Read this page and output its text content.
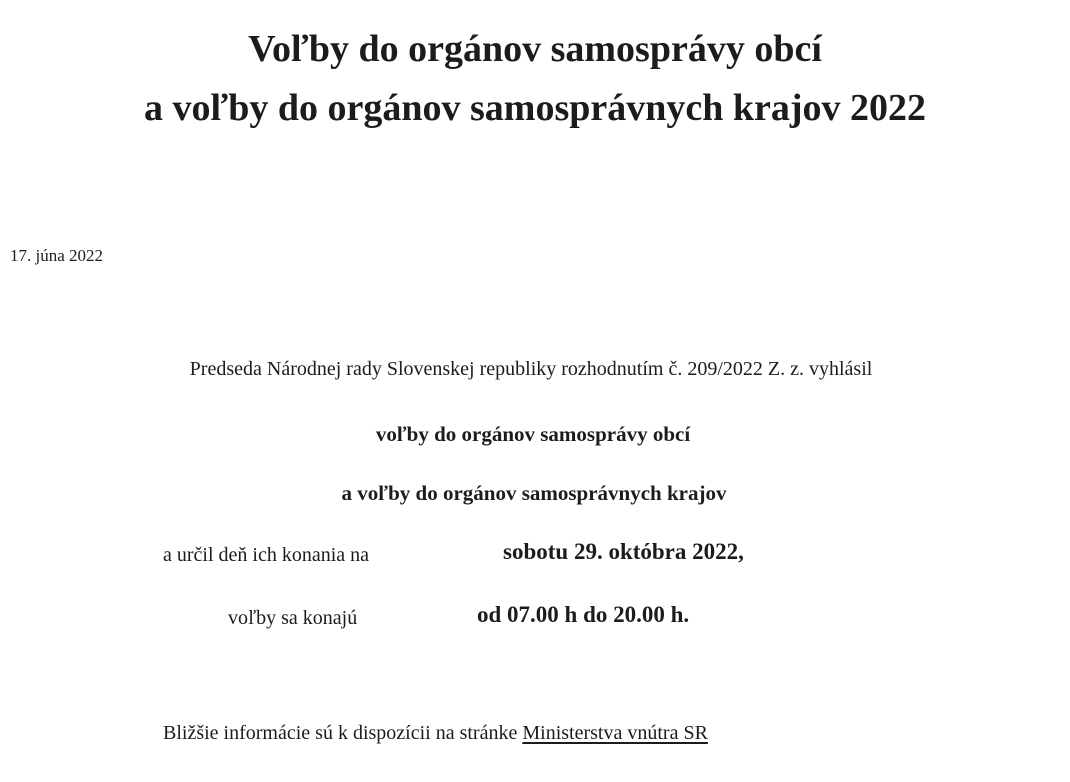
Voľby do orgánov samosprávy obcí
a voľby do orgánov samosprávnych krajov 2022
17. júna 2022
Predseda Národnej rady Slovenskej republiky rozhodnutím č. 209/2022 Z. z. vyhlásil
voľby do orgánov samosprávy obcí
a voľby do orgánov samosprávnych krajov
a určil deň ich konania na	sobotu 29. októbra 2022,
voľby sa konajú	od 07.00 h do 20.00 h.
Bližšie informácie sú k dispozícii na stránke Ministerstva vnútra SR
